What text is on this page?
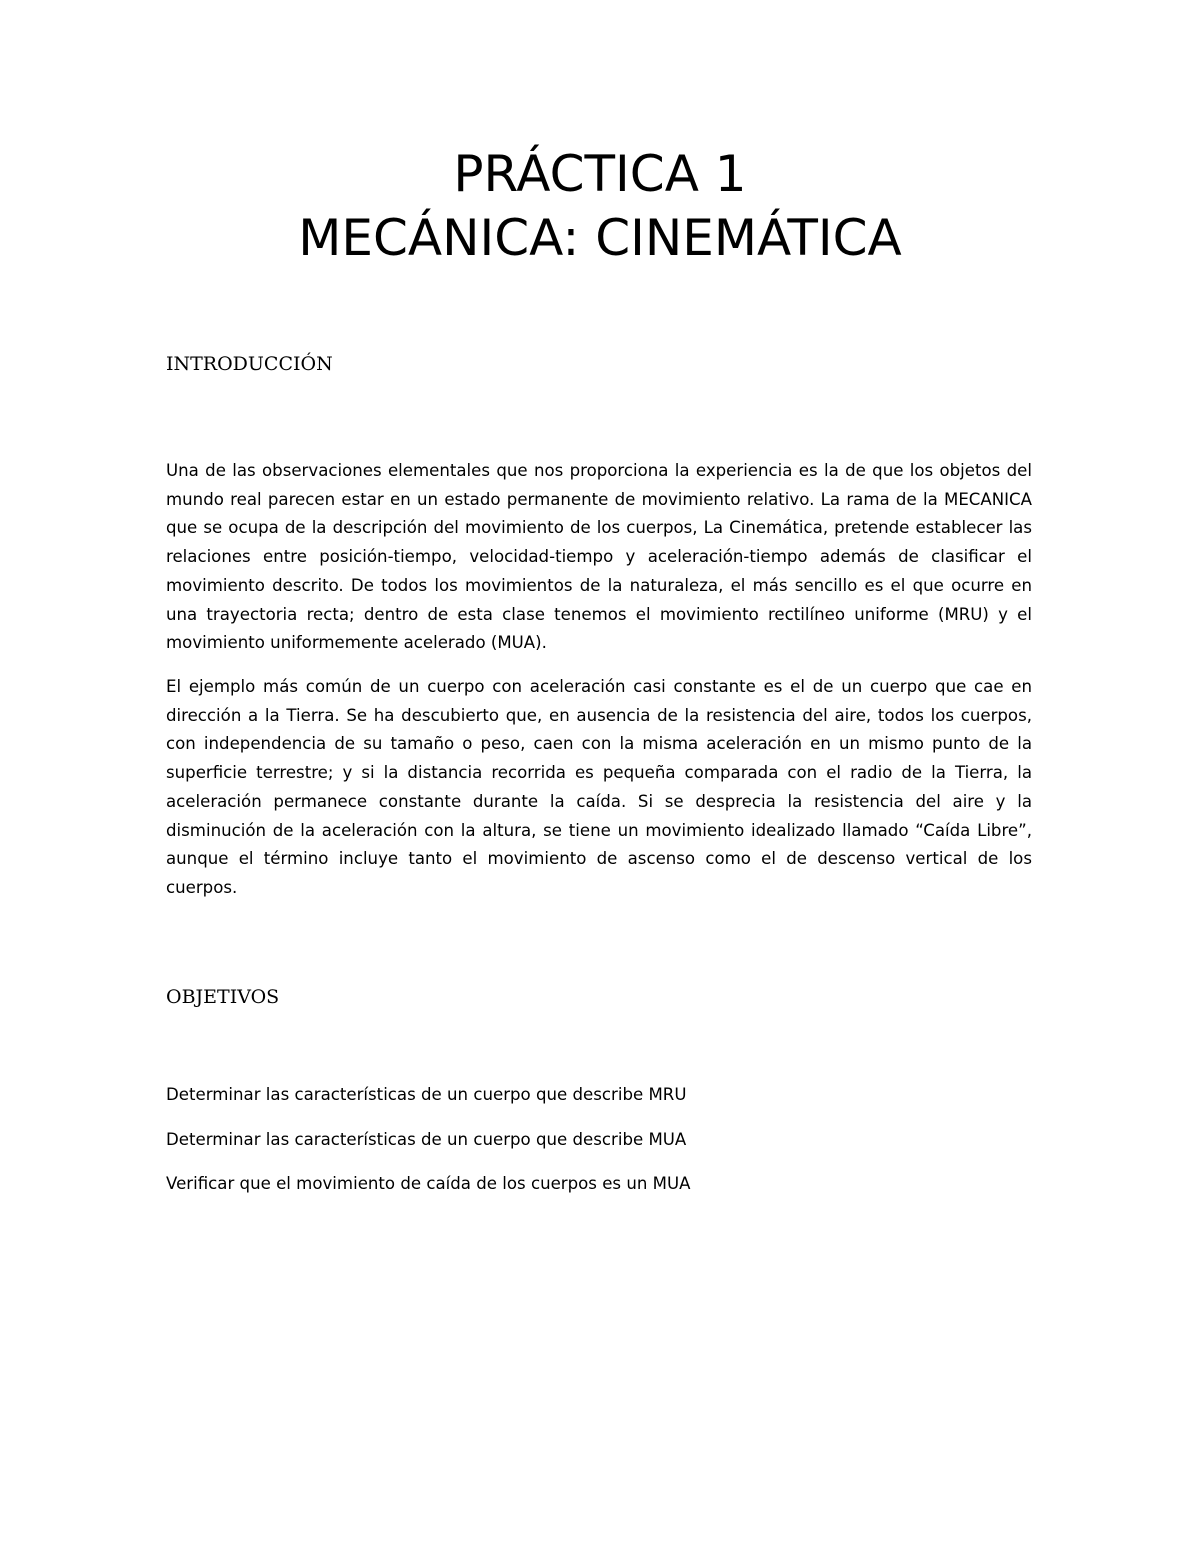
PRÁCTICA 1
MECÁNICA: CINEMÁTICA
INTRODUCCIÓN

Una de las observaciones elementales que nos proporciona la experiencia es la de que los objetos del mundo real parecen estar en un estado permanente de movimiento relativo. La rama de la MECANICA que se ocupa de la descripción del movimiento de los cuerpos, La Cinemática, pretende establecer las relaciones entre posición-tiempo, velocidad-tiempo y aceleración-tiempo además de clasificar el movimiento descrito. De todos los movimientos de la naturaleza, el más sencillo es el que ocurre en una trayectoria recta; dentro de esta clase tenemos el movimiento rectilíneo uniforme (MRU) y el movimiento uniformemente acelerado (MUA).

El ejemplo más común de un cuerpo con aceleración casi constante es el de un cuerpo que cae en dirección a la Tierra. Se ha descubierto que, en ausencia de la resistencia del aire, todos los cuerpos, con independencia de su tamaño o peso, caen con la misma aceleración en un mismo punto de la superficie terrestre; y si la distancia recorrida es pequeña comparada con el radio de la Tierra, la aceleración permanece constante durante la caída. Si se desprecia la resistencia del aire y la disminución de la aceleración con la altura, se tiene un movimiento idealizado llamado “Caída Libre”, aunque el término incluye tanto el movimiento de ascenso como el de descenso vertical de los cuerpos.

OBJETIVOS
Determinar las características de un cuerpo que describe MRU
Determinar las características de un cuerpo que describe MUA
Verificar que el movimiento de caída de los cuerpos es un MUA
